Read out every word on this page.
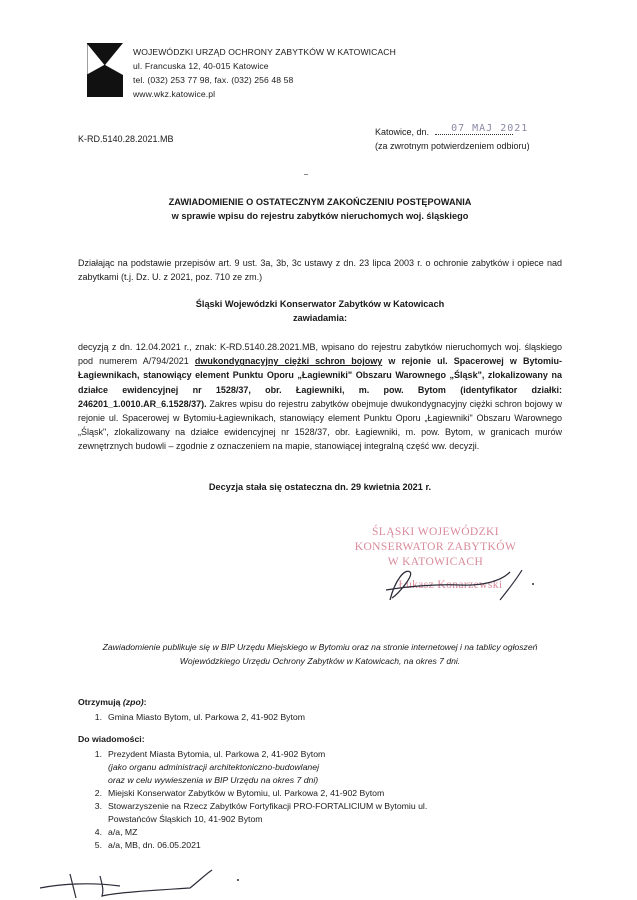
WOJEWÓDZKI URZĄD OCHRONY ZABYTKÓW W KATOWICACH
ul. Francuska 12, 40-015 Katowice
tel. (032) 253 77 98, fax. (032) 256 48 58
www.wkz.katowice.pl
K-RD.5140.28.2021.MB
Katowice, dn. 07 MAJ 2021
(za zwrotnym potwierdzeniem odbioru)
ZAWIADOMIENIE O OSTATECZNYM ZAKOŃCZENIU POSTĘPOWANIA
w sprawie wpisu do rejestru zabytków nieruchomych woj. śląskiego
Działając na podstawie przepisów art. 9 ust. 3a, 3b, 3c ustawy z dn. 23 lipca 2003 r. o ochronie zabytków i opiece nad zabytkami (t.j. Dz. U. z 2021, poz. 710 ze zm.)
Śląski Wojewódzki Konserwator Zabytków w Katowicach
zawiadamia:
decyzją z dn. 12.04.2021 r., znak: K-RD.5140.28.2021.MB, wpisano do rejestru zabytków nieruchomych woj. śląskiego pod numerem A/794/2021 dwukondygnacyjny ciężki schron bojowy w rejonie ul. Spacerowej w Bytomiu-Łagiewnikach, stanowiący element Punktu Oporu „Łagiewniki" Obszaru Warownego „Śląsk", zlokalizowany na działce ewidencyjnej nr 1528/37, obr. Łagiewniki, m. pow. Bytom (identyfikator działki: 246201_1.0010.AR_6.1528/37). Zakres wpisu do rejestru zabytków obejmuje dwukondygnacyjny ciężki schron bojowy w rejonie ul. Spacerowej w Bytomiu-Łagiewnikach, stanowiący element Punktu Oporu „Łagiewniki" Obszaru Warownego „Śląsk", zlokalizowany na działce ewidencyjnej nr 1528/37, obr. Łagiewniki, m. pow. Bytom, w granicach murów zewnętrznych budowli – zgodnie z oznaczeniem na mapie, stanowiącej integralną część ww. decyzji.
Decyzja stała się ostateczna dn. 29 kwietnia 2021 r.
ŚLĄSKI WOJEWÓDZKI
KONSERWATOR ZABYTKÓW
W KATOWICACH
Łukasz Konarzewski
Zawiadomienie publikuje się w BIP Urzędu Miejskiego w Bytomiu oraz na stronie internetowej i na tablicy ogłoszeń Wojewódzkiego Urzędu Ochrony Zabytków w Katowicach, na okres 7 dni.
Otrzymują (zpo):
1. Gmina Miasto Bytom, ul. Parkowa 2, 41-902 Bytom
Do wiadomości:
1. Prezydent Miasta Bytomia, ul. Parkowa 2, 41-902 Bytom

(jako organu administracji architektoniczno-budowlanej oraz w celu wywieszenia w BIP Urzędu na okres 7 dni)
2. Miejski Konserwator Zabytków w Bytomiu, ul. Parkowa 2, 41-902 Bytom
3. Stowarzyszenie na Rzecz Zabytków Fortyfikacji PRO-FORTALICIUM w Bytomiu ul. Powstańców Śląskich 10, 41-902 Bytom
4. a/a, MZ
5. a/a, MB, dn. 06.05.2021
